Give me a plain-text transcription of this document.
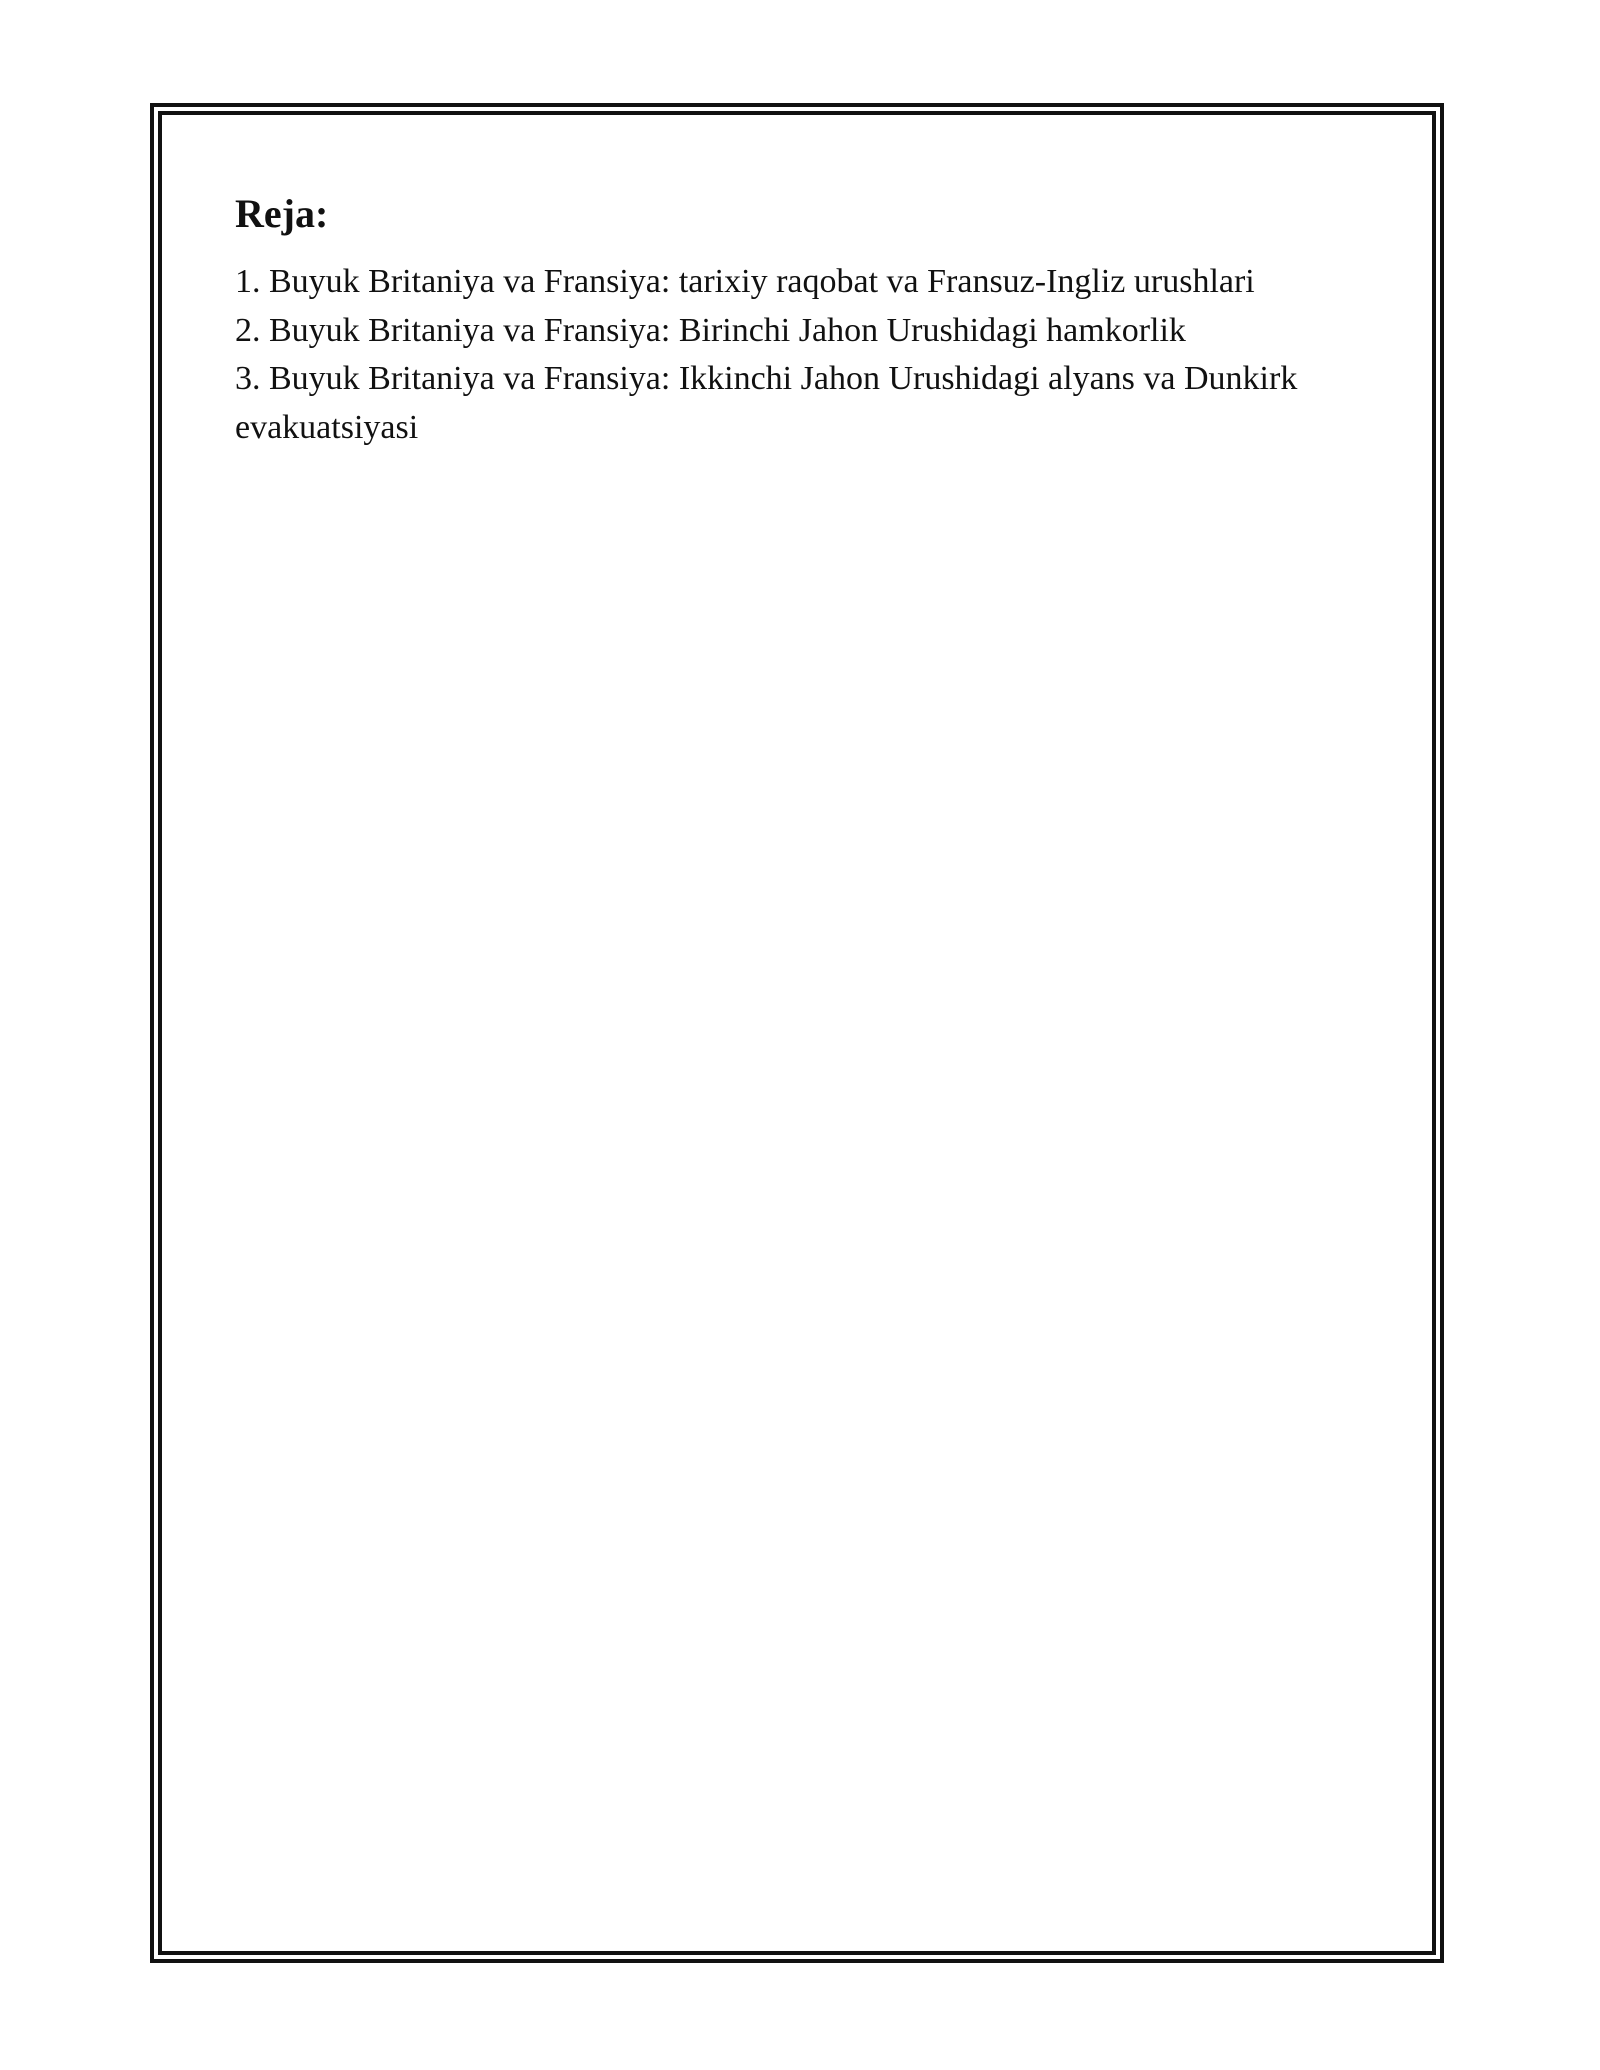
Reja:
1. Buyuk Britaniya va Fransiya: tarixiy raqobat va Fransuz-Ingliz urushlari
2. Buyuk Britaniya va Fransiya: Birinchi Jahon Urushidagi hamkorlik
3. Buyuk Britaniya va Fransiya: Ikkinchi Jahon Urushidagi alyans va Dunkirk evakuatsiyasi
